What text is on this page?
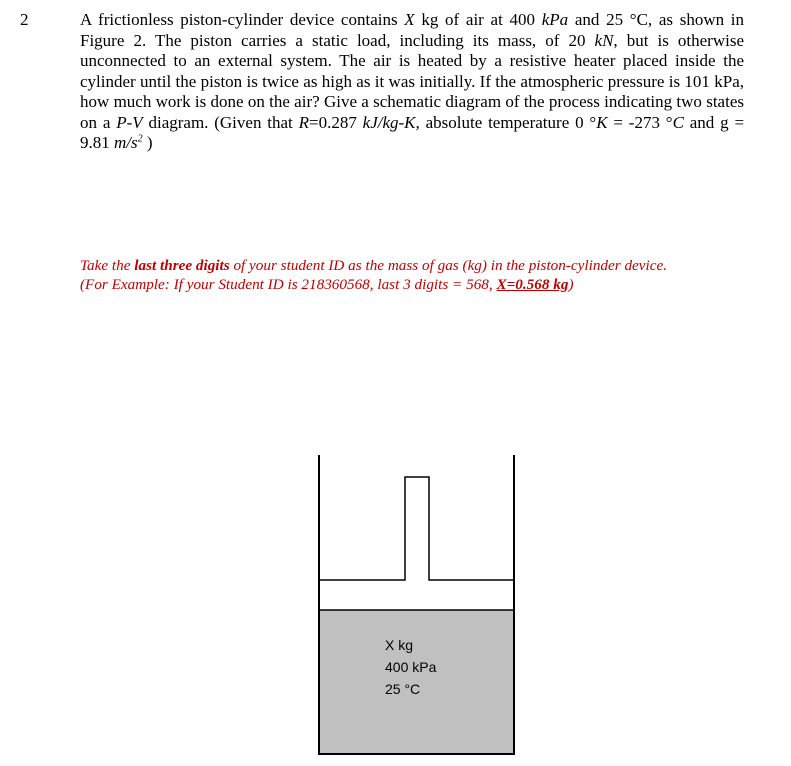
2	A frictionless piston-cylinder device contains X kg of air at 400 kPa and 25 °C, as shown in Figure 2. The piston carries a static load, including its mass, of 20 kN, but is otherwise unconnected to an external system. The air is heated by a resistive heater placed inside the cylinder until the piston is twice as high as it was initially. If the atmospheric pressure is 101 kPa, how much work is done on the air? Give a schematic diagram of the process indicating two states on a P-V diagram. (Given that R=0.287 kJ/kg-K, absolute temperature 0 °K = -273 °C and g = 9.81 $m/s^2$ )

Take the last three digits of your student ID as the mass of gas (kg) in the piston-cylinder device.
(For Example: If your Student ID is 218360568, last 3 digits = 568, X=0.568 kg)

X kg
400 kPa
25 °C
